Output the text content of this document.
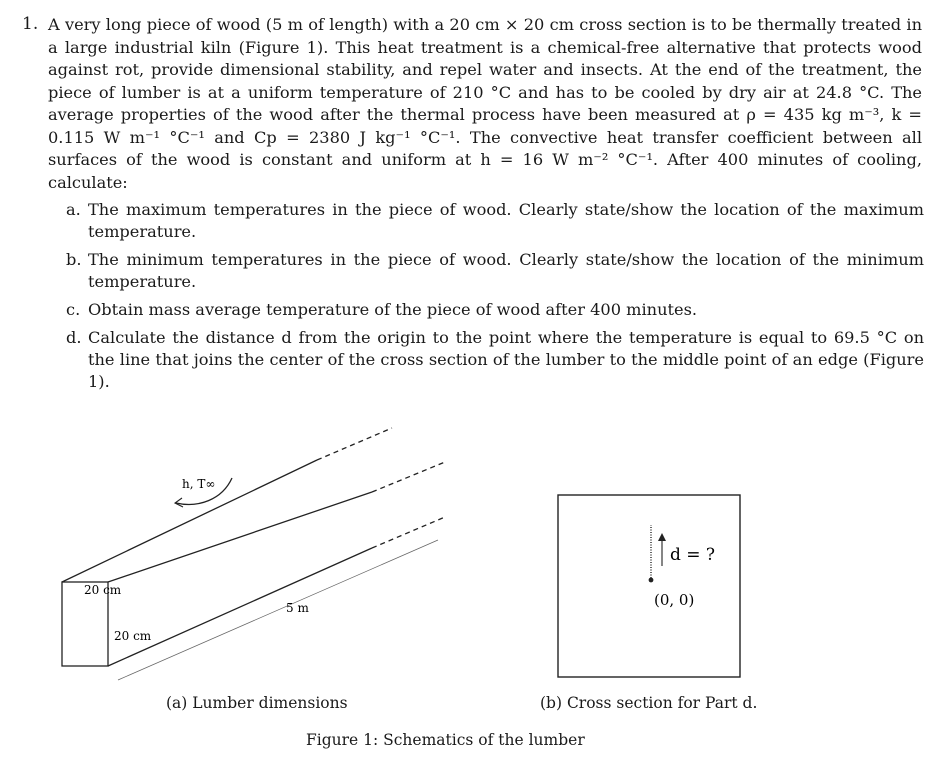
1. A very long piece of wood (5 m of length) with a 20 cm × 20 cm cross section is to be thermally treated in a large industrial kiln (Figure 1). This heat treatment is a chemical-free alternative that protects wood against rot, provide dimensional stability, and repel water and insects. At the end of the treatment, the piece of lumber is at a uniform temperature of 210 °C and has to be cooled by dry air at 24.8 °C. The average properties of the wood after the thermal process have been measured at ρ = 435 kg m⁻³, k = 0.115 W m⁻¹ °C⁻¹ and Cp = 2380 J kg⁻¹ °C⁻¹. The convective heat transfer coefficient between all surfaces of the wood is constant and uniform at h = 16 W m⁻² °C⁻¹. After 400 minutes of cooling, calculate:
a. The maximum temperatures in the piece of wood. Clearly state/show the location of the maximum temperature.
b. The minimum temperatures in the piece of wood. Clearly state/show the location of the minimum temperature.
c. Obtain mass average temperature of the piece of wood after 400 minutes.
d. Calculate the distance d from the origin to the point where the temperature is equal to 69.5 °C on the line that joins the center of the cross section of the lumber to the middle point of an edge (Figure 1).
h, T∞
20 cm
20 cm
5 m
d = ?
(0, 0)
(a) Lumber dimensions	(b) Cross section for Part d.
Figure 1: Schematics of the lumber
